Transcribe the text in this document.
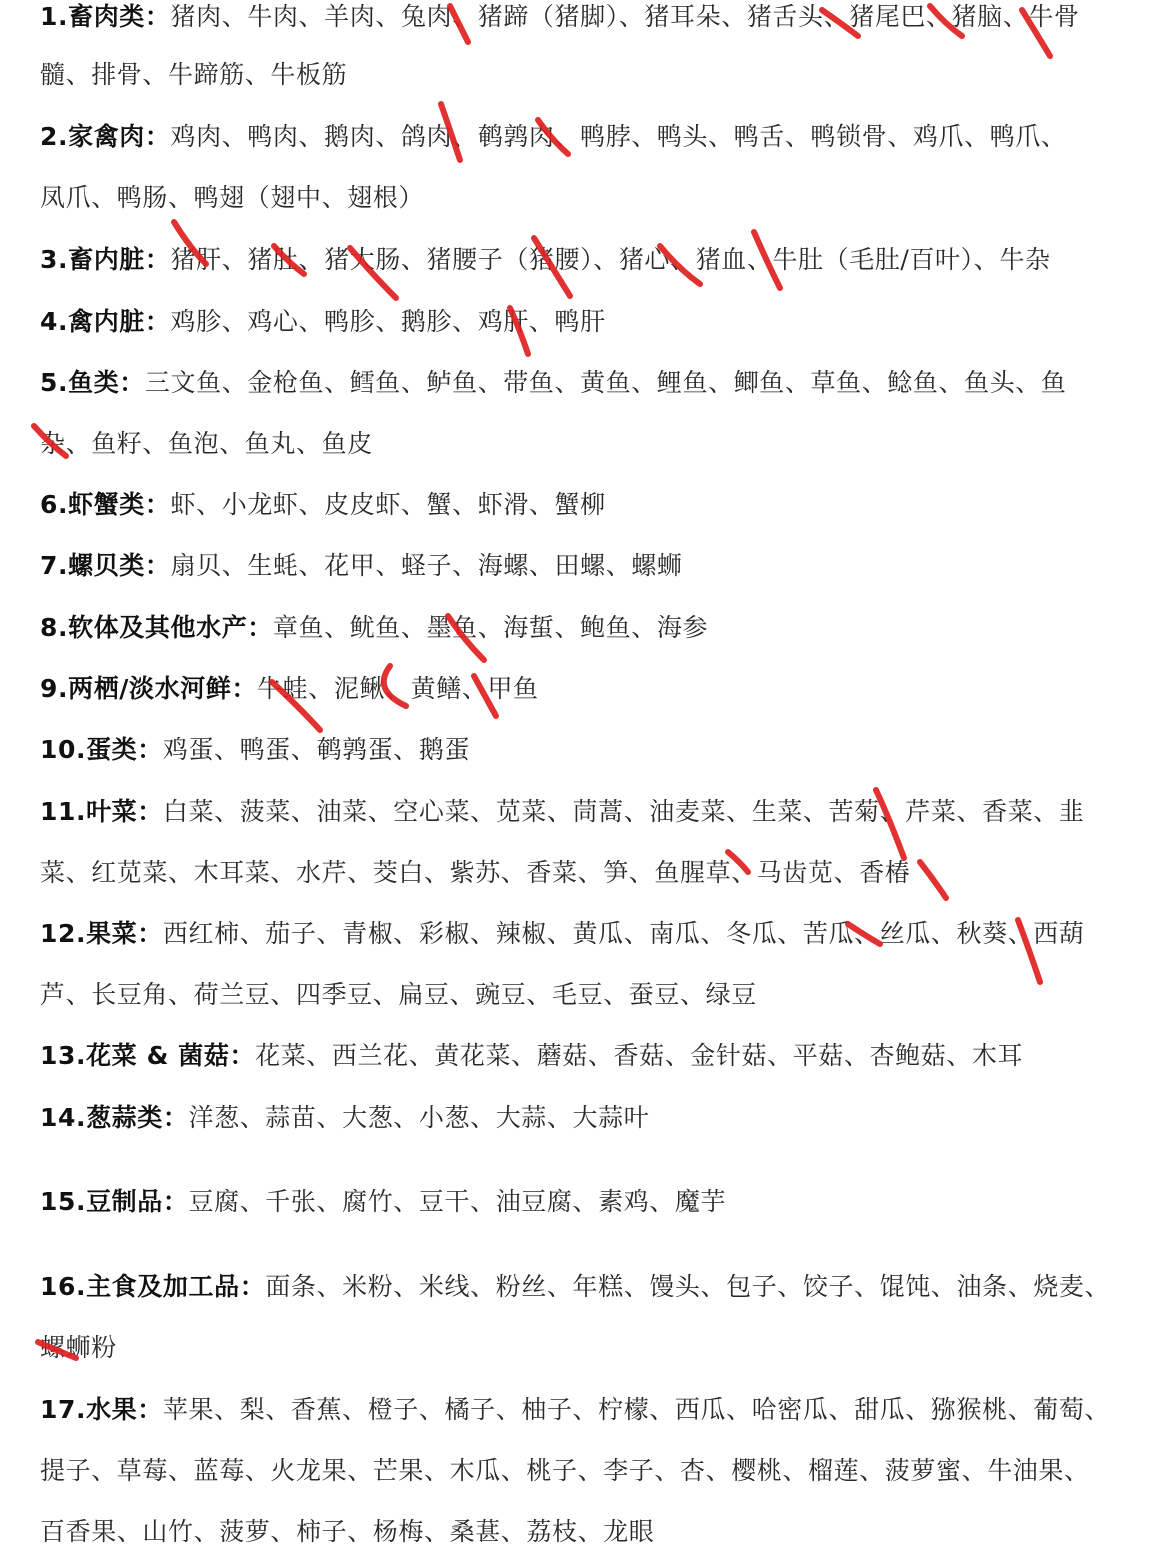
1.畜肉类：猪肉、牛肉、羊肉、兔肉、猪蹄（猪脚）、猪耳朵、猪舌头、猪尾巴、猪脑、牛骨
髓、排骨、牛蹄筋、牛板筋
2.家禽肉：鸡肉、鸭肉、鹅肉、鸽肉、鹌鹑肉、鸭脖、鸭头、鸭舌、鸭锁骨、鸡爪、鸭爪、
凤爪、鸭肠、鸭翅（翅中、翅根）
3.畜内脏：猪肝、猪肚、猪大肠、猪腰子（猪腰）、猪心、猪血、牛肚（毛肚/百叶）、牛杂
4.禽内脏：鸡胗、鸡心、鸭胗、鹅胗、鸡肝、鸭肝
5.鱼类：三文鱼、金枪鱼、鳕鱼、鲈鱼、带鱼、黄鱼、鲤鱼、鲫鱼、草鱼、鲶鱼、鱼头、鱼
杂、鱼籽、鱼泡、鱼丸、鱼皮
6.虾蟹类：虾、小龙虾、皮皮虾、蟹、虾滑、蟹柳
7.螺贝类：扇贝、生蚝、花甲、蛏子、海螺、田螺、螺蛳
8.软体及其他水产：章鱼、鱿鱼、墨鱼、海蜇、鲍鱼、海参
9.两栖/淡水河鲜：牛蛙、泥鳅、黄鳝、甲鱼
10.蛋类：鸡蛋、鸭蛋、鹌鹑蛋、鹅蛋
11.叶菜：白菜、菠菜、油菜、空心菜、苋菜、茼蒿、油麦菜、生菜、苦菊、芹菜、香菜、韭
菜、红苋菜、木耳菜、水芹、茭白、紫苏、香菜、笋、鱼腥草、马齿苋、香椿
12.果菜：西红柿、茄子、青椒、彩椒、辣椒、黄瓜、南瓜、冬瓜、苦瓜、丝瓜、秋葵、西葫
芦、长豆角、荷兰豆、四季豆、扁豆、豌豆、毛豆、蚕豆、绿豆
13.花菜 & 菌菇：花菜、西兰花、黄花菜、蘑菇、香菇、金针菇、平菇、杏鲍菇、木耳
14.葱蒜类：洋葱、蒜苗、大葱、小葱、大蒜、大蒜叶
15.豆制品：豆腐、千张、腐竹、豆干、油豆腐、素鸡、魔芋
16.主食及加工品：面条、米粉、米线、粉丝、年糕、馒头、包子、饺子、馄饨、油条、烧麦、
螺蛳粉
17.水果：苹果、梨、香蕉、橙子、橘子、柚子、柠檬、西瓜、哈密瓜、甜瓜、猕猴桃、葡萄、
提子、草莓、蓝莓、火龙果、芒果、木瓜、桃子、李子、杏、樱桃、榴莲、菠萝蜜、牛油果、
百香果、山竹、菠萝、柿子、杨梅、桑葚、荔枝、龙眼
